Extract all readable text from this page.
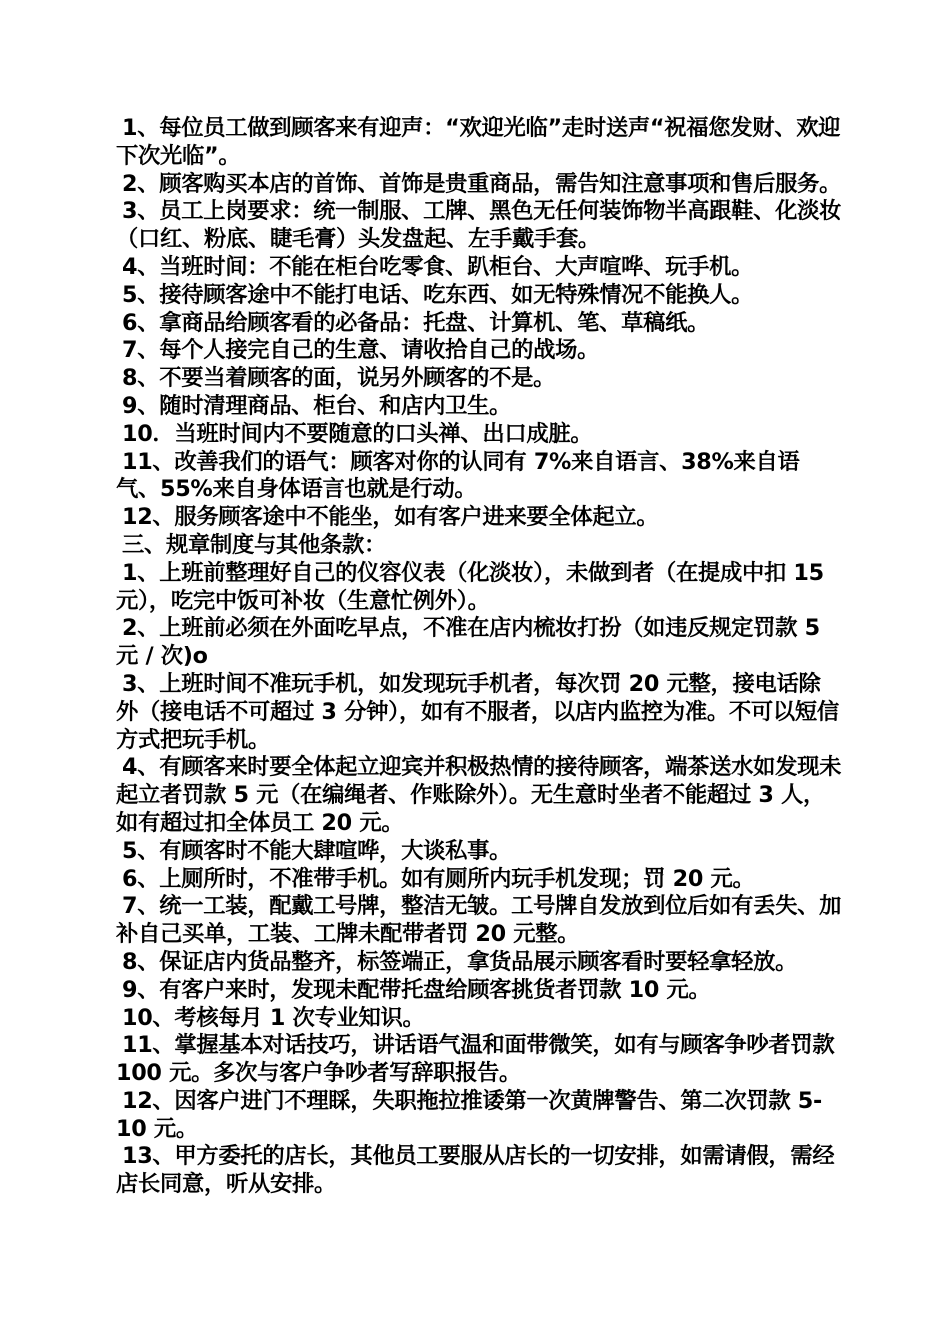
1、每位员工做到顾客来有迎声：“欢迎光临”走时送声“祝福您发财、欢迎下次光临”。

2、顾客购买本店的首饰、首饰是贵重商品，需告知注意事项和售后服务。

3、员工上岗要求：统一制服、工牌、黑色无任何装饰物半高跟鞋、化淡妆（口红、粉底、睫毛膏）头发盘起、左手戴手套。

4、当班时间：不能在柜台吃零食、趴柜台、大声喧哗、玩手机。

5、接待顾客途中不能打电话、吃东西、如无特殊情况不能换人。

6、拿商品给顾客看的必备品：托盘、计算机、笔、草稿纸。

7、每个人接完自己的生意、请收拾自己的战场。

8、不要当着顾客的面，说另外顾客的不是。

9、随时清理商品、柜台、和店内卫生。

10．当班时间内不要随意的口头禅、出口成脏。

11、改善我们的语气：顾客对你的认同有 7%来自语言、38%来自语气、55%来自身体语言也就是行动。

12、服务顾客途中不能坐，如有客户进来要全体起立。

三、规章制度与其他条款：

1、上班前整理好自己的仪容仪表（化淡妆），未做到者（在提成中扣 15 元），吃完中饭可补妆（生意忙例外）。

2、上班前必须在外面吃早点，不准在店内梳妆打扮（如违反规定罚款 5 元 / 次)o

3、上班时间不准玩手机，如发现玩手机者，每次罚 20 元整，接电话除外（接电话不可超过 3 分钟），如有不服者，以店内监控为准。不可以短信方式把玩手机。

4、有顾客来时要全体起立迎宾并积极热情的接待顾客，端茶送水如发现未起立者罚款 5 元（在编绳者、作账除外）。无生意时坐者不能超过 3 人，如有超过扣全体员工 20 元。

5、有顾客时不能大肆喧哗，大谈私事。

6、上厕所时，不准带手机。如有厕所内玩手机发现；罚 20 元。

7、统一工装，配戴工号牌，整洁无皱。工号牌自发放到位后如有丢失、加补自己买单，工装、工牌未配带者罚 20 元整。

8、保证店内货品整齐，标签端正，拿货品展示顾客看时要轻拿轻放。

9、有客户来时，发现未配带托盘给顾客挑货者罚款 10 元。

10、考核每月 1 次专业知识。

11、掌握基本对话技巧，讲话语气温和面带微笑，如有与顾客争吵者罚款 100 元。多次与客户争吵者写辞职报告。

12、因客户进门不理睬，失职拖拉推诿第一次黄牌警告、第二次罚款 5-10 元。

13、甲方委托的店长，其他员工要服从店长的一切安排，如需请假，需经店长同意，听从安排。
